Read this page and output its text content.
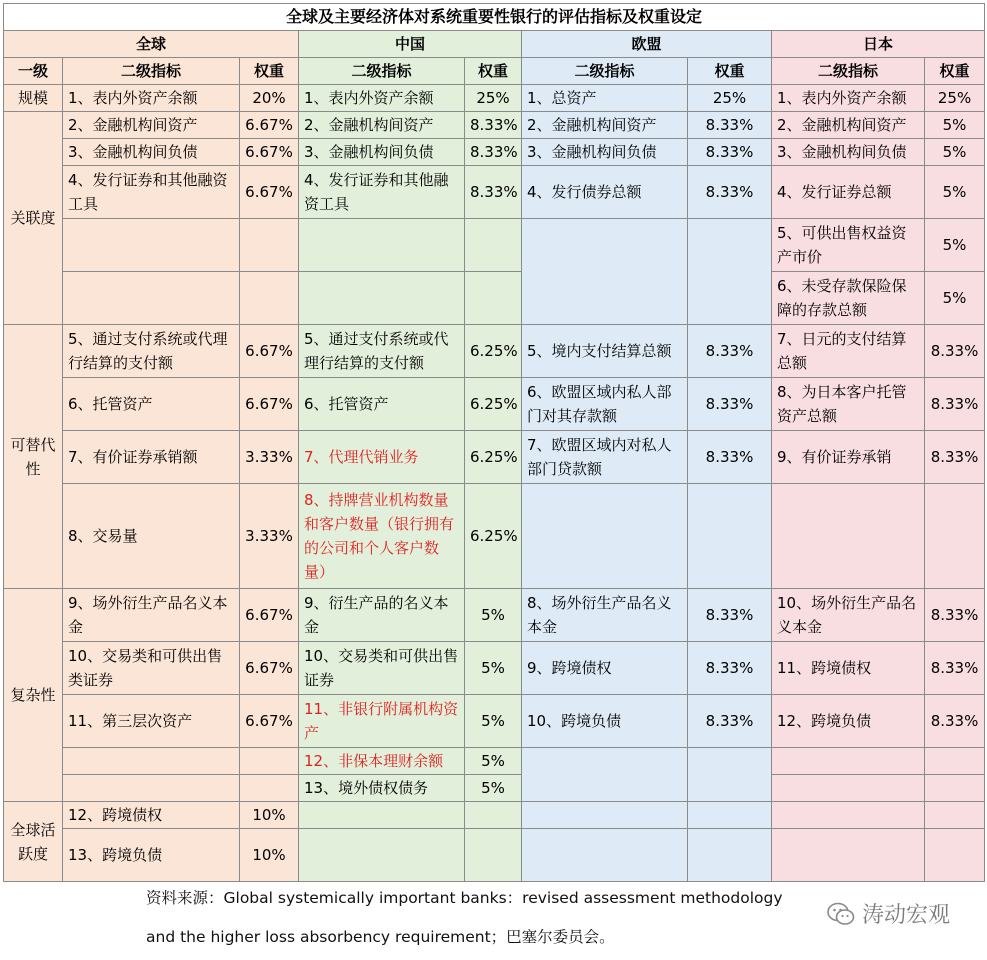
全球及主要经济体对系统重要性银行的评估指标及权重设定								
全球			中国		欧盟		日本	
一级	二级指标	权重	二级指标	权重	二级指标	权重	二级指标	权重
规模	1、表内外资产余额	20%	1、表内外资产余额	25%	1、总资产	25%	1、表内外资产余额	25%
关联度	2、金融机构间资产	6.67%	2、金融机构间资产	8.33%	2、金融机构间资产	8.33%	2、金融机构间资产	5%
	3、金融机构间负债	6.67%	3、金融机构间负债	8.33%	3、金融机构间负债	8.33%	3、金融机构间负债	5%
	4、发行证券和其他融资工具	6.67%	4、发行证券和其他融资工具	8.33%	4、发行债券总额	8.33%	4、发行证券总额	5%
							5、可供出售权益资产市价	5%
							6、未受存款保险保障的存款总额	5%
可替代性	5、通过支付系统或代理行结算的支付额	6.67%	5、通过支付系统或代理行结算的支付额	6.25%	5、境内支付结算总额	8.33%	7、日元的支付结算总额	8.33%
	6、托管资产	6.67%	6、托管资产	6.25%	6、欧盟区域内私人部门对其存款额	8.33%	8、为日本客户托管资产总额	8.33%
	7、有价证券承销额	3.33%	7、代理代销业务	6.25%	7、欧盟区域内对私人部门贷款额	8.33%	9、有价证券承销	8.33%
	8、交易量	3.33%	8、持牌营业机构数量和客户数量（银行拥有的公司和个人客户数量）	6.25%				
复杂性	9、场外衍生产品名义本金	6.67%	9、衍生产品的名义本金	5%	8、场外衍生产品名义本金	8.33%	10、场外衍生产品名义本金	8.33%
	10、交易类和可供出售类证券	6.67%	10、交易类和可供出售证券	5%	9、跨境债权	8.33%	11、跨境债权	8.33%
	11、第三层次资产	6.67%	11、非银行附属机构资产	5%	10、跨境负债	8.33%	12、跨境负债	8.33%
			12、非保本理财余额	5%				
			13、境外债权债务	5%				
全球活跃度	12、跨境债权	10%						
	13、跨境负债	10%						
资料来源：Global systemically important banks：revised assessment methodology
and the higher loss absorbency requirement；巴塞尔委员会。
涛动宏观
